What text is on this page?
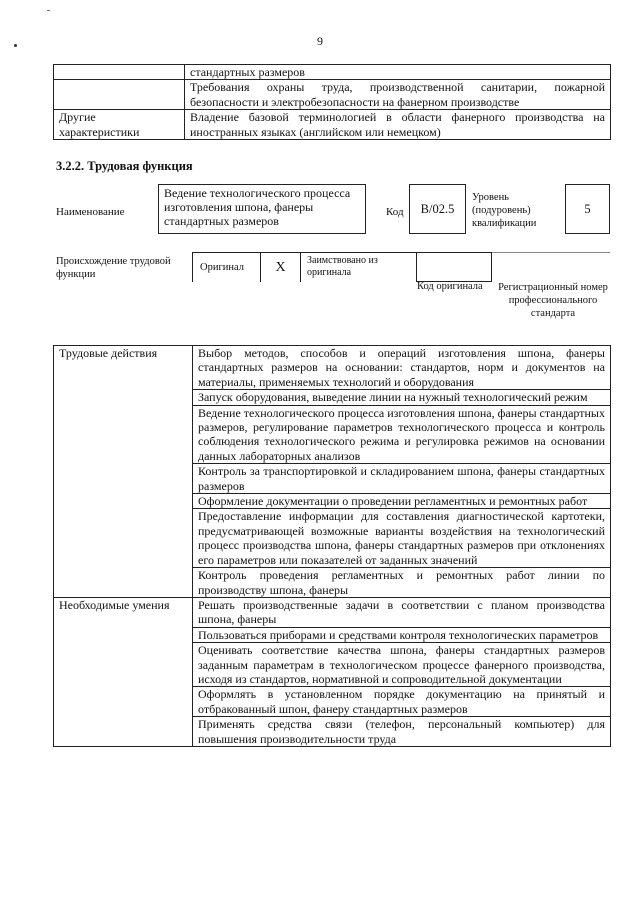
9
	стандартных размеров
	Требования охраны труда, производственной санитарии, пожарной безопасности и электробезопасности на фанерном производстве
Другие характеристики	Владение базовой терминологией в области фанерного производства на иностранных языках (английском или немецком)
3.2.2. Трудовая функция
Наименование
Ведение технологического процесса изготовления шпона, фанеры стандартных размеров
Код	B/02.5
Уровень
(подуровень)
квалификации
5
Происхождение трудовой функции
Оригинал	X	Заимствовано из оригинала
Код оригинала	Регистрационный номер профессионального стандарта
Трудовые действия	Выбор методов, способов и операций изготовления шпона, фанеры стандартных размеров на основании: стандартов, норм и документов на материалы, применяемых технологий и оборудования
	Запуск оборудования, выведение линии на нужный технологический режим
	Ведение технологического процесса изготовления шпона, фанеры стандартных размеров, регулирование параметров технологического процесса и контроль соблюдения технологического режима и регулировка режимов на основании данных лабораторных анализов
	Контроль за транспортировкой и складированием шпона, фанеры стандартных размеров
	Оформление документации о проведении регламентных и ремонтных работ
	Предоставление информации для составления диагностической картотеки, предусматривающей возможные варианты воздействия на технологический процесс производства шпона, фанеры стандартных размеров при отклонениях его параметров или показателей от заданных значений
	Контроль проведения регламентных и ремонтных работ линии по производству шпона, фанеры
Необходимые умения	Решать производственные задачи в соответствии с планом производства шпона, фанеры
	Пользоваться приборами и средствами контроля технологических параметров
	Оценивать соответствие качества шпона, фанеры стандартных размеров заданным параметрам в технологическом процессе фанерного производства, исходя из стандартов, нормативной и сопроводительной документации
	Оформлять в установленном порядке документацию на принятый и отбракованный шпон, фанеру стандартных размеров
	Применять средства связи (телефон, персональный компьютер) для повышения производительности труда
